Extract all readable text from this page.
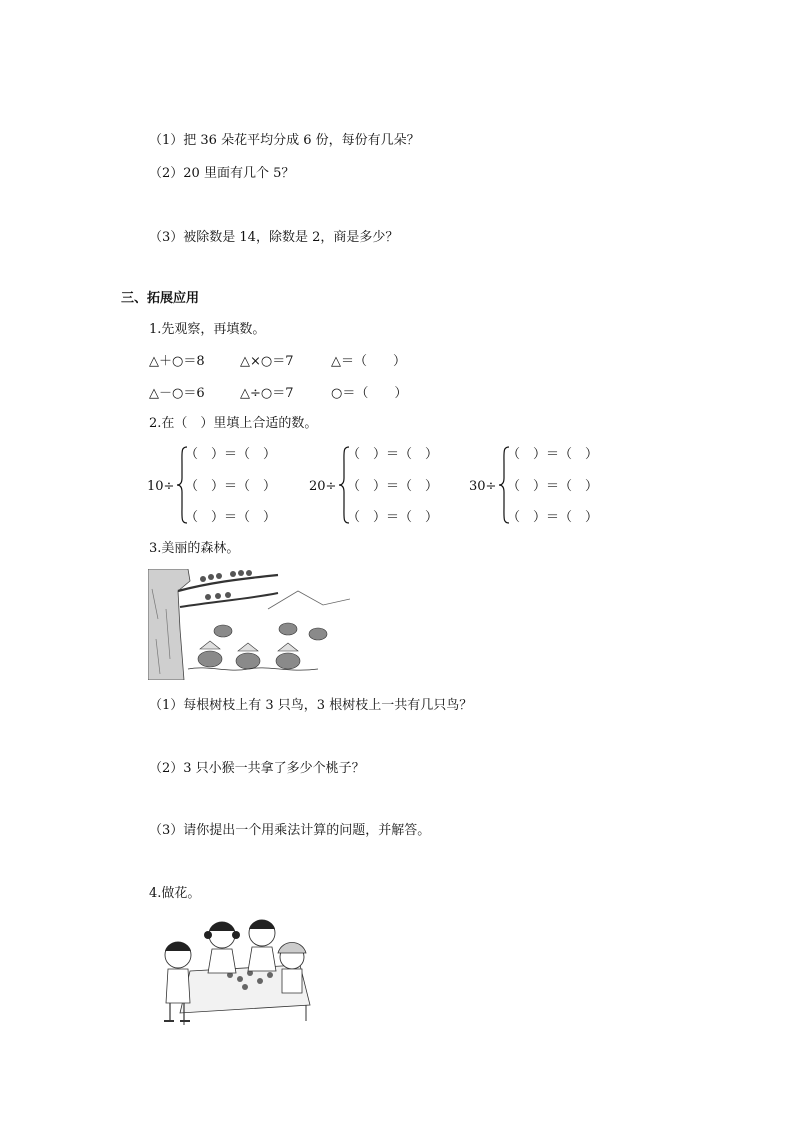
（1）把 36 朵花平均分成 6 份，每份有几朵？
（2）20 里面有几个 5？
（3）被除数是 14，除数是 2，商是多少？
三、拓展应用
1.先观察，再填数。
△＋○＝8	△×○＝7	△＝（　　）
△－○＝6	△÷○＝7	○＝（　　）
2.在（　）里填上合适的数。
10÷
（　）＝（　）
（　）＝（　）
（　）＝（　）
20÷
（　）＝（　）
（　）＝（　）
（　）＝（　）
30÷
（　）＝（　）
（　）＝（　）
（　）＝（　）
3.美丽的森林。
（1）每根树枝上有 3 只鸟，3 根树枝上一共有几只鸟？
（2）3 只小猴一共拿了多少个桃子？
（3）请你提出一个用乘法计算的问题，并解答。
4.做花。
